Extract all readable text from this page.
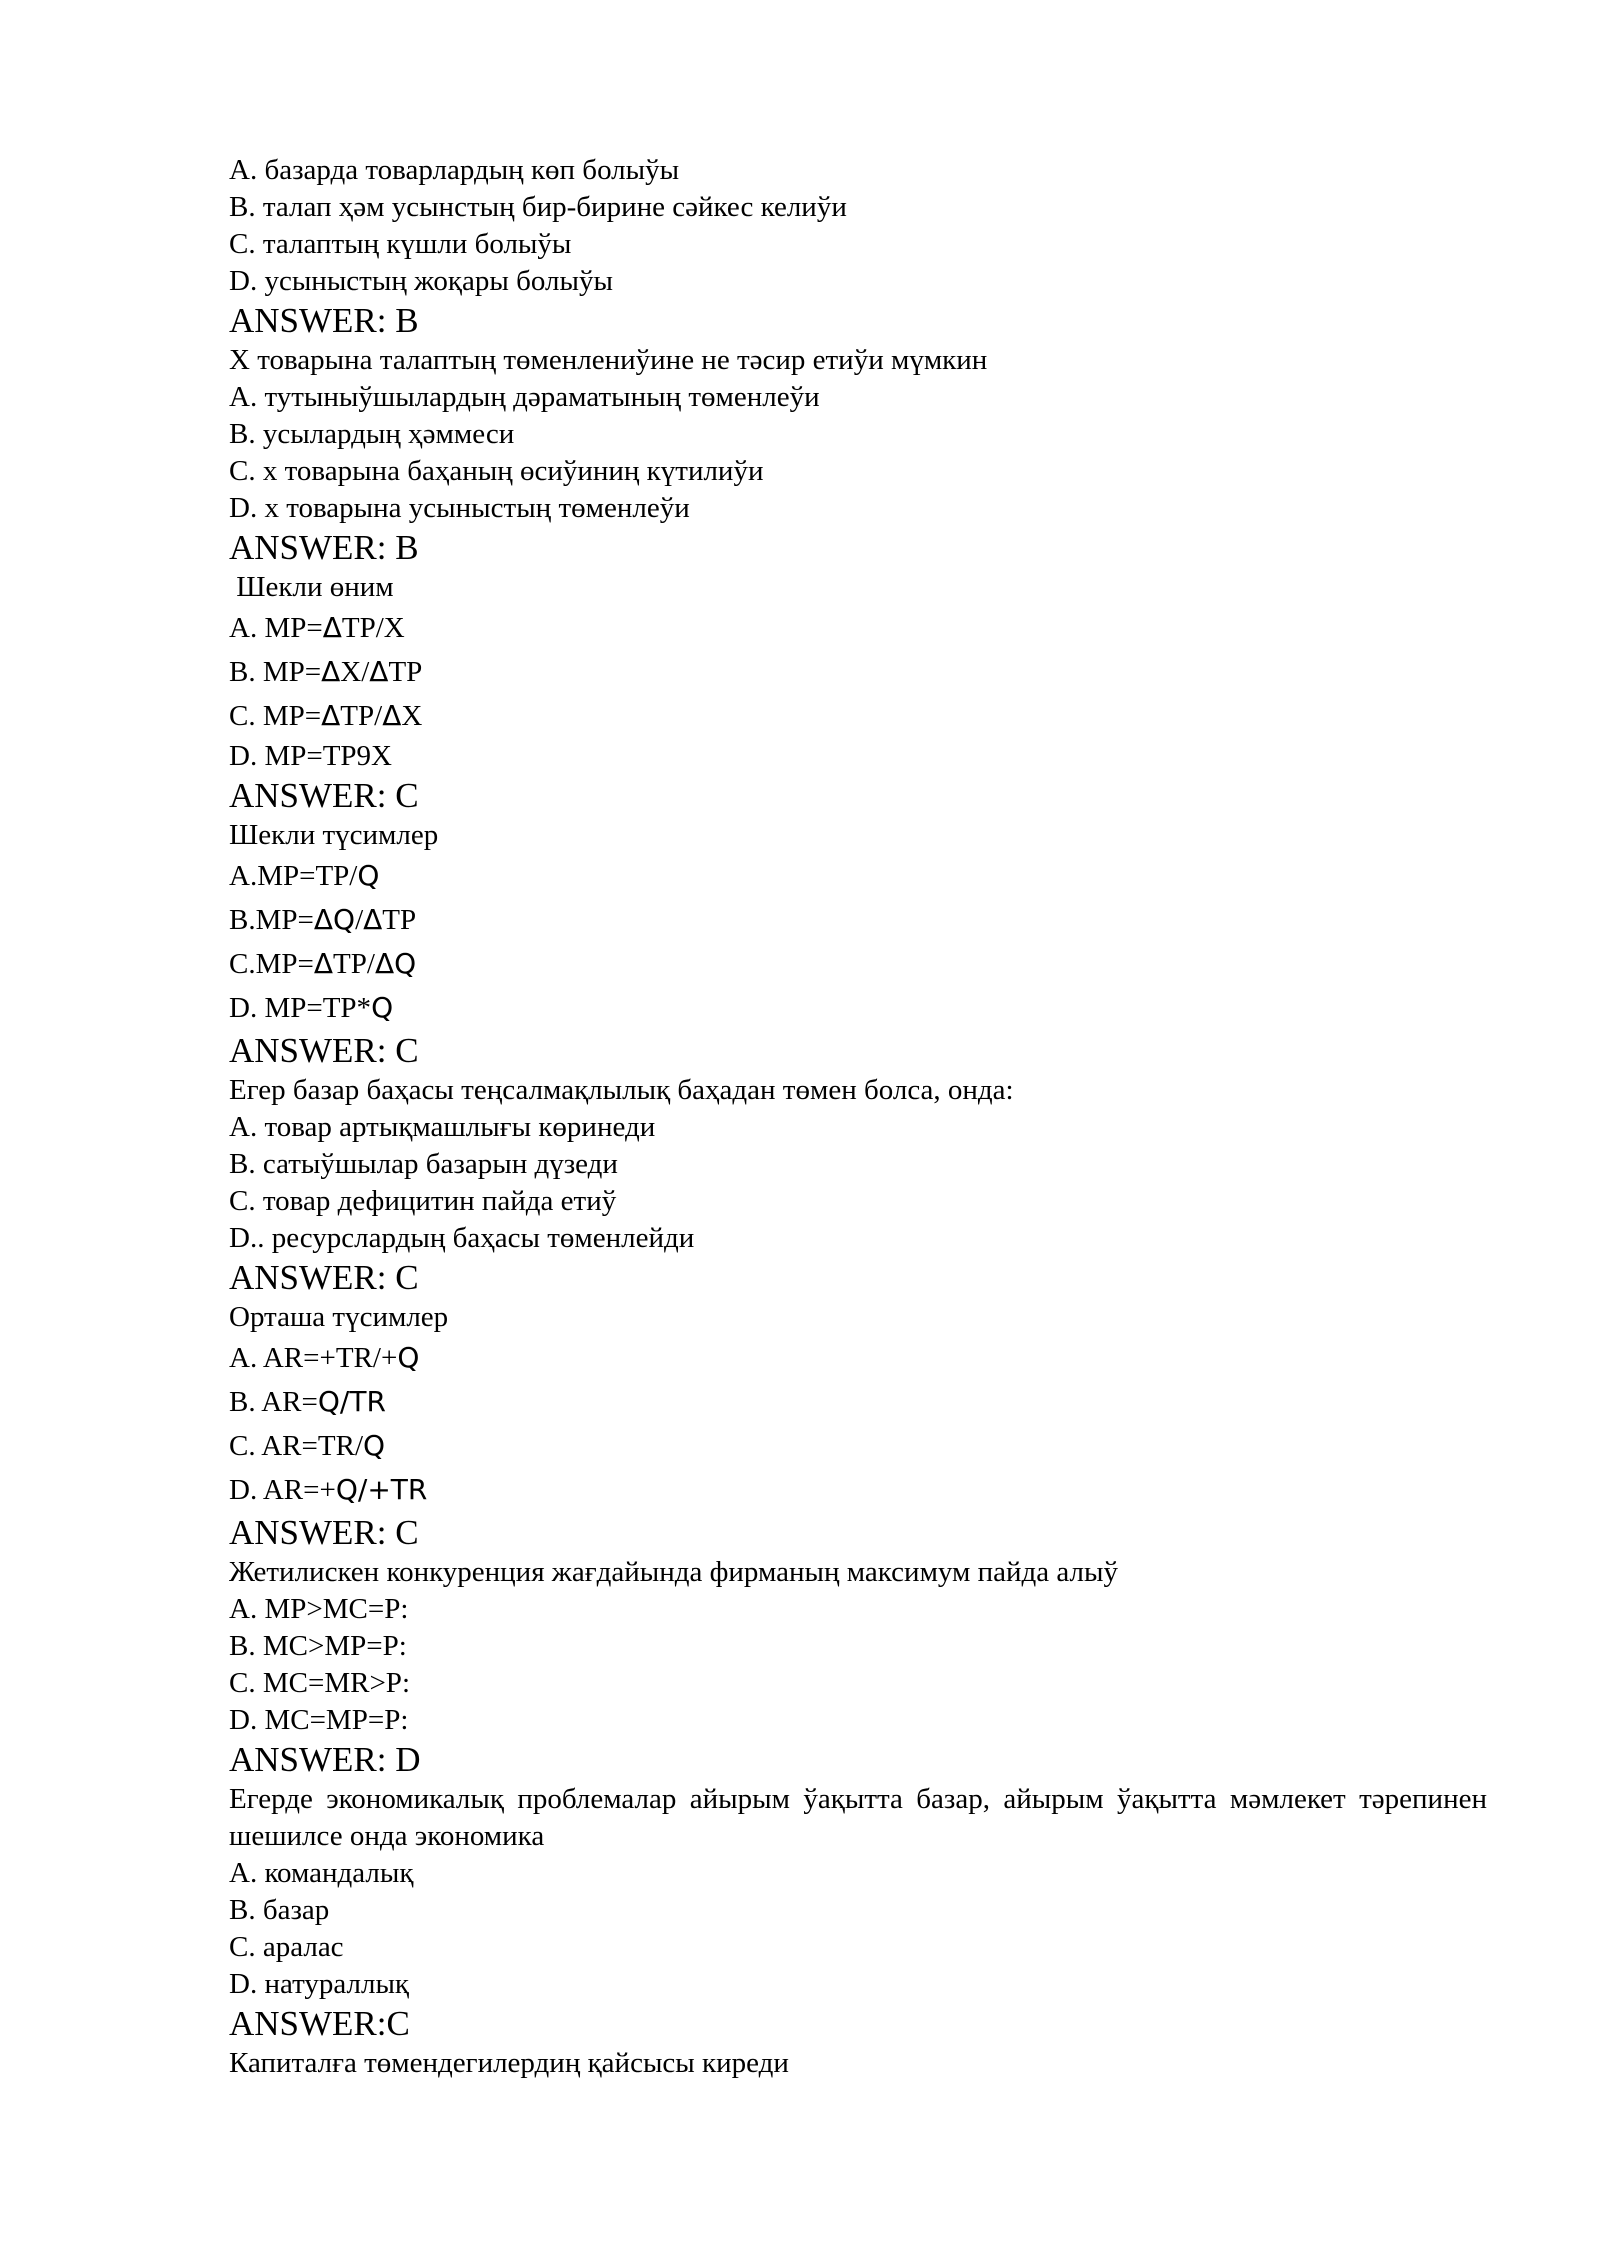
A. базарда товарлардың көп болыўы
B. талап ҳәм усынстың бир-бирине сәйкес келиўи
C. талаптың күшли болыўы
D. усыныстың жоқары болыўы
ANSWER: B
Х товарына талаптың төменлениўине не тәсир етиўи мүмкин
A. тутыныўшылардың дәраматының төменлеўи
B. усылардың ҳәммеси
C. х товарына баҳаның өсиўиниң күтилиўи
D. х товарына усыныстың төменлеўи
ANSWER: B
Шекли өним
A. MP=ΔTP/X
B. MP=ΔX/ΔTP
C. MP=ΔTP/ΔX
D. MP=TP9X
ANSWER: C
Шекли түсимлер
A.MP=TP/Q
B.MP=ΔQ/ΔTP
C.MP=ΔTP/ΔQ
D. MP=TP*Q
ANSWER: C
Егер базар баҳасы теңсалмақлылық баҳадан төмен болса, онда:
A. товар артықмашлығы көринеди
B. сатыўшылар базарын дүзеди
C. товар дефицитин пайда етиў
D.. ресурслардың баҳасы төменлейди
ANSWER: C
Орташа түсимлер
A. AR=+TR/+Q
B. AR=Q/TR
C. AR=TR/Q
D. AR=+Q/+TR
ANSWER: C
Жетилискен конкуренция жағдайында фирманың максимум пайда алыў
A. MP>MC=P:
B. MC>MP=P:
C. MC=MR>P:
D. MC=MP=P:
ANSWER: D
Егерде экономикалық проблемалар айырым ўақытта базар, айырым ўақытта мәмлекет тәрепинен шешилсе онда экономика
A. командалық
B. базар
C. аралас
D. натураллық
ANSWER:C
Капиталға төмендегилердиң қайсысы киреди
